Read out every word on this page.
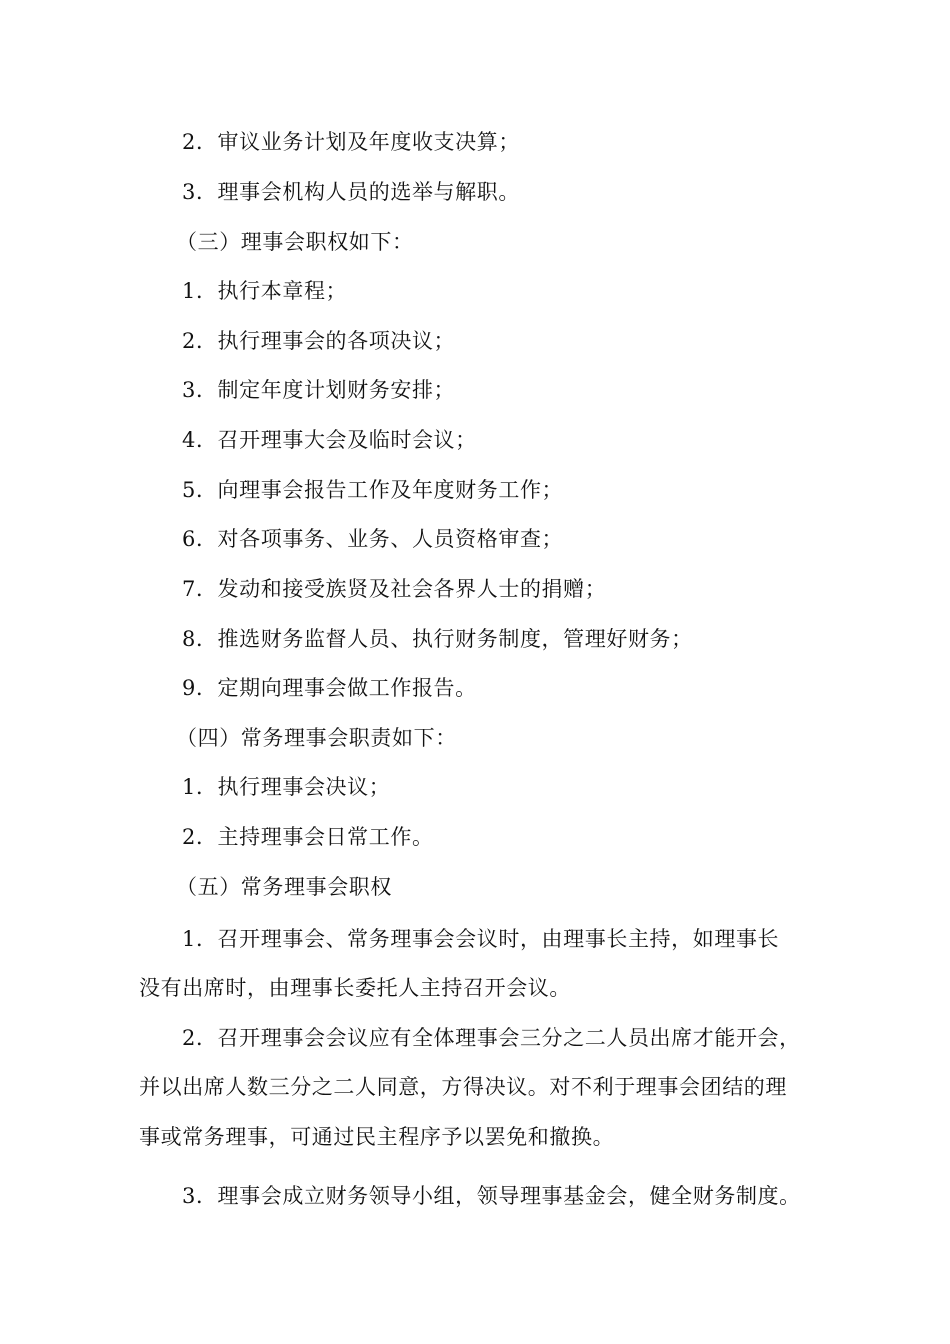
2．审议业务计划及年度收支决算；
3．理事会机构人员的选举与解职。
（三）理事会职权如下：
1．执行本章程；
2．执行理事会的各项决议；
3．制定年度计划财务安排；
4．召开理事大会及临时会议；
5．向理事会报告工作及年度财务工作；
6．对各项事务、业务、人员资格审查；
7．发动和接受族贤及社会各界人士的捐赠；
8．推选财务监督人员、执行财务制度，管理好财务；
9．定期向理事会做工作报告。
（四）常务理事会职责如下：
1．执行理事会决议；
2．主持理事会日常工作。
（五）常务理事会职权
1．召开理事会、常务理事会会议时，由理事长主持，如理事长
没有出席时，由理事长委托人主持召开会议。
2．召开理事会会议应有全体理事会三分之二人员出席才能开会，
并以出席人数三分之二人同意，方得决议。对不利于理事会团结的理
事或常务理事，可通过民主程序予以罢免和撤换。
3．理事会成立财务领导小组，领导理事基金会，健全财务制度。
